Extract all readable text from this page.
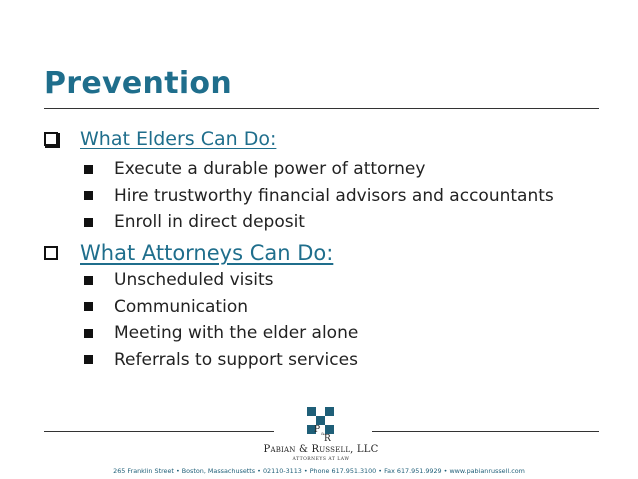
Prevention
What Elders Can Do:
Execute a durable power of attorney
Hire trustworthy financial advisors and accountants
Enroll in direct deposit
What Attorneys Can Do:
Unscheduled visits
Communication
Meeting with the elder alone
Referrals to support services
P &
R
Pabian & Russell, LLC
ATTORNEYS AT LAW
265 Franklin Street • Boston, Massachusetts • 02110-3113 • Phone 617.951.3100 • Fax 617.951.9929 • www.pabianrussell.com
